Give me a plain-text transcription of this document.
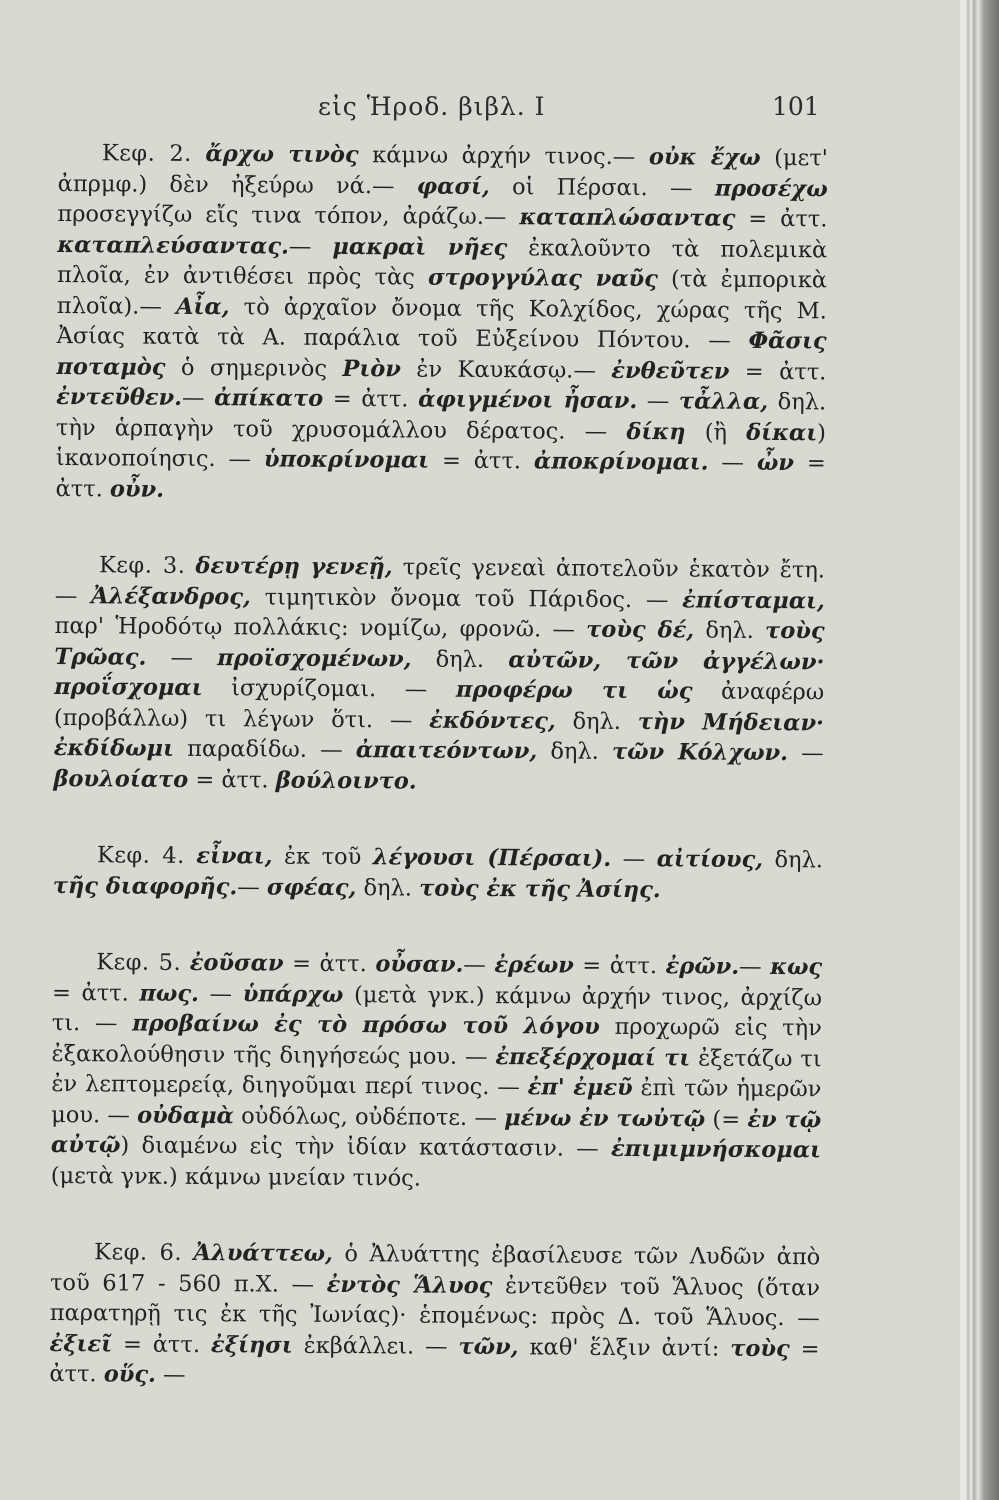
εἰς Ἡροδ. βιβλ. I	101

Κεφ. 2. ἄρχω τινὸς κάμνω ἀρχήν τινος.— οὐκ ἔχω (μετ' ἀπρμφ.) δὲν ἠξεύρω νά.— φασί, οἱ Πέρσαι. — προσέχω προσεγγίζω εἴς τινα τόπον, ἀράζω.— καταπλώσαντας = ἀττ. καταπλεύσαντας.— μακραὶ νῆες ἐκαλοῦντο τὰ πολεμικὰ πλοῖα, ἐν ἀντιθέσει πρὸς τὰς στρογγύλας ναῦς (τὰ ἐμπορικὰ πλοῖα).— Αἶα, τὸ ἀρχαῖον ὄνομα τῆς Κολχίδος, χώρας τῆς Μ. Ἀσίας κατὰ τὰ Α. παράλια τοῦ Εὐξείνου Πόντου. — Φᾶσις ποταμὸς ὁ σημερινὸς Ριὸν ἐν Καυκάσῳ.— ἐνθεῦτεν = ἀττ. ἐντεῦθεν.— ἀπίκατο = ἀττ. ἀφιγμένοι ἦσαν. — τἆλλα, δηλ. τὴν ἁρπαγὴν τοῦ χρυσομάλλου δέρατος. — δίκη (ἢ δίκαι) ἱκανοποίησις. — ὑποκρίνομαι = ἀττ. ἀποκρίνομαι. — ὦν = ἀττ. οὖν.

Κεφ. 3. δευτέρῃ γενεῇ, τρεῖς γενεαὶ ἀποτελοῦν ἑκατὸν ἔτη. — Ἀλέξανδρος, τιμητικὸν ὄνομα τοῦ Πάριδος. — ἐπίσταμαι, παρ' Ἡροδότῳ πολλάκις: νομίζω, φρονῶ. — τοὺς δέ, δηλ. τοὺς Τρῶας. — προϊσχομένων, δηλ. αὐτῶν, τῶν ἀγγέλων· προΐσχομαι ἰσχυρίζομαι. — προφέρω τι ὡς ἀναφέρω (προβάλλω) τι λέγων ὅτι. — ἐκδόντες, δηλ. τὴν Μήδειαν· ἐκδίδωμι παραδίδω. — ἀπαιτεόντων, δηλ. τῶν Κόλχων. — βουλοίατο = ἀττ. βούλοιντο.

Κεφ. 4. εἶναι, ἐκ τοῦ λέγουσι (Πέρσαι). — αἰτίους, δηλ. τῆς διαφορῆς.— σφέας, δηλ. τοὺς ἐκ τῆς Ἀσίης.

Κεφ. 5. ἐοῦσαν = ἀττ. οὖσαν.— ἐρέων = ἀττ. ἐρῶν.— κως = ἀττ. πως. — ὑπάρχω (μετὰ γνκ.) κάμνω ἀρχήν τινος, ἀρχίζω τι. — προβαίνω ἐς τὸ πρόσω τοῦ λόγου προχωρῶ εἰς τὴν ἐξακολούθησιν τῆς διηγήσεώς μου. — ἐπεξέρχομαί τι ἐξετάζω τι ἐν λεπτομερείᾳ, διηγοῦμαι περί τινος. — ἐπ' ἐμεῦ ἐπὶ τῶν ἡμερῶν μου. — οὐδαμὰ οὐδόλως, οὐδέποτε. — μένω ἐν τωὐτῷ (= ἐν τῷ αὐτῷ) διαμένω εἰς τὴν ἰδίαν κατάστασιν. — ἐπιμιμνήσκομαι (μετὰ γνκ.) κάμνω μνείαν τινός.

Κεφ. 6. Ἀλυάττεω, ὁ Ἀλυάττης ἐβασίλευσε τῶν Λυδῶν ἀπὸ τοῦ 617 - 560 π.Χ. — ἐντὸς Ἅλυος ἐντεῦθεν τοῦ Ἅλυος (ὅταν παρατηρῇ τις ἐκ τῆς Ἰωνίας)· ἑπομένως: πρὸς Δ. τοῦ Ἅλυος. — ἐξιεῖ = ἀττ. ἐξίησι ἐκβάλλει. — τῶν, καθ' ἕλξιν ἀντί: τοὺς = ἀττ. οὕς. —
